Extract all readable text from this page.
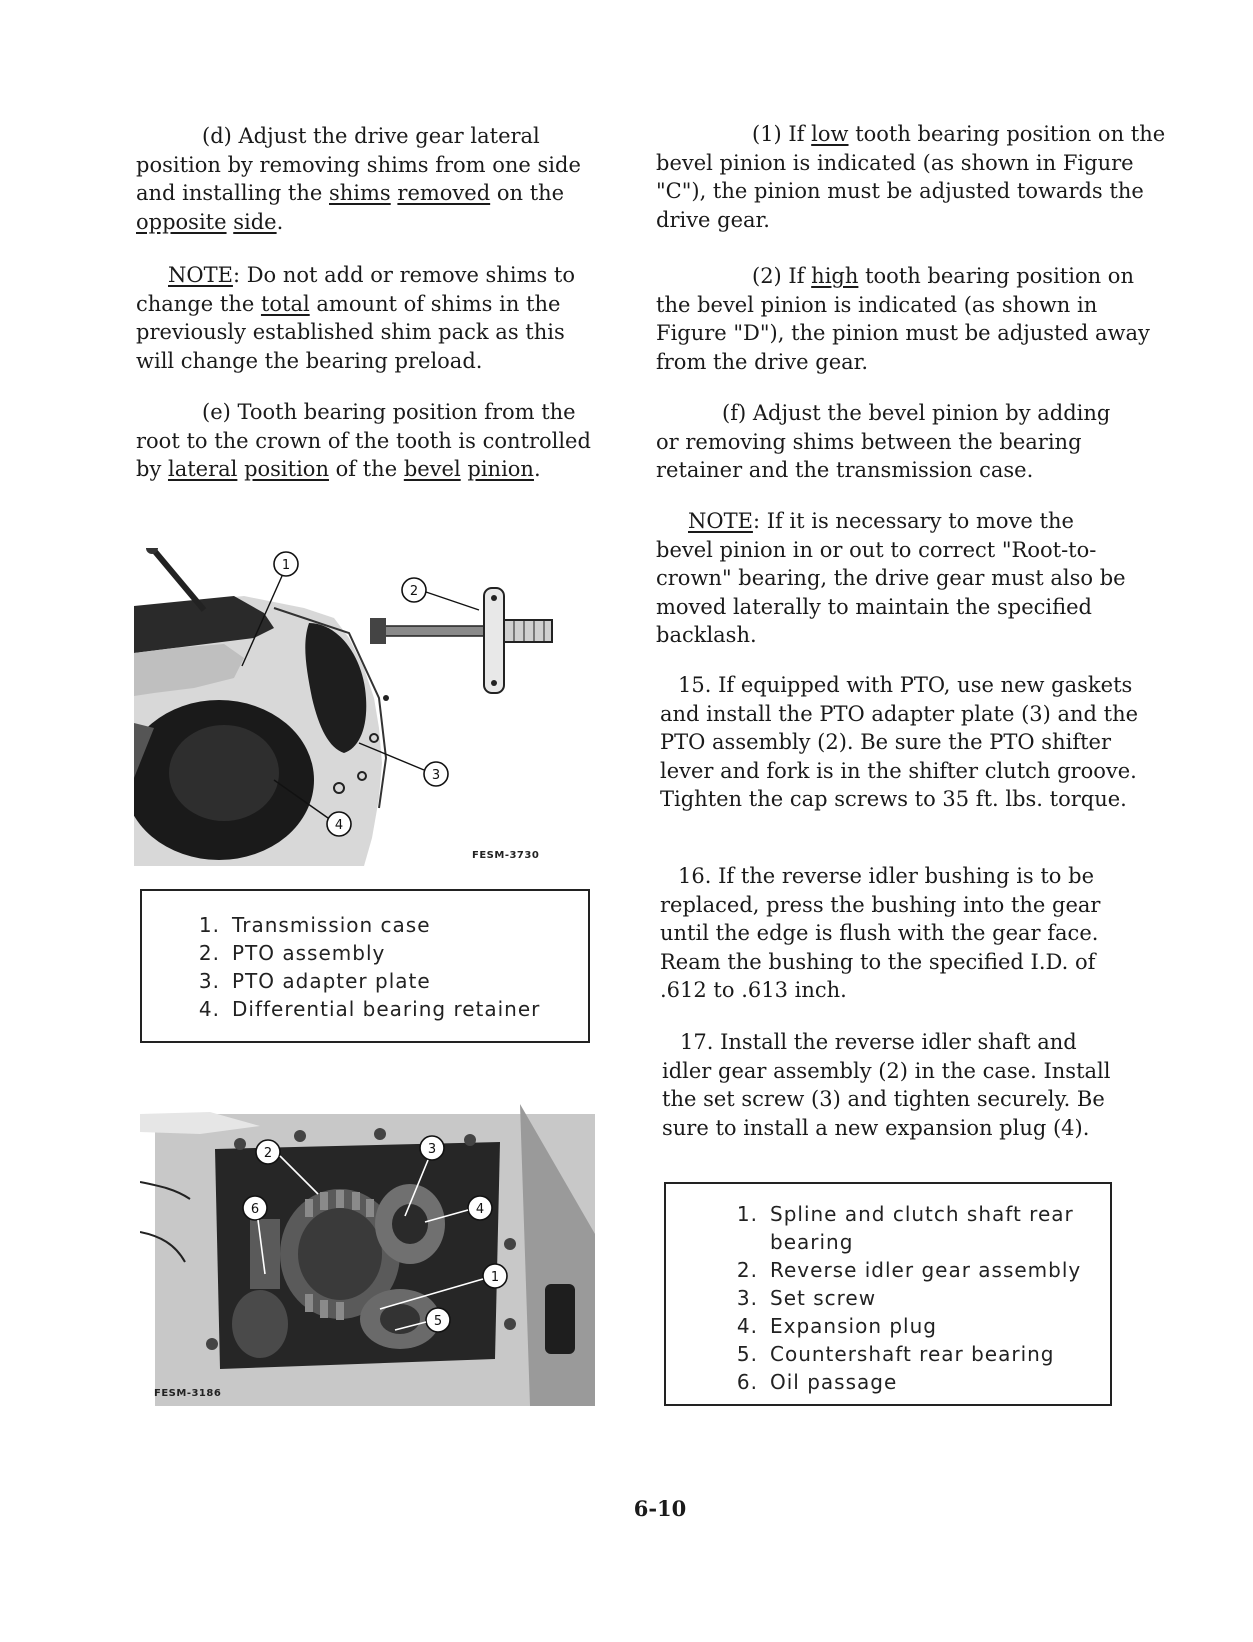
(d) Adjust the drive gear lateral position by removing shims from one side and installing the shims removed on the opposite side.

NOTE: Do not add or remove shims to change the total amount of shims in the previously established shim pack as this will change the bearing preload.

(e) Tooth bearing position from the root to the crown of the tooth is controlled by lateral position of the bevel pinion.

1
2
3
4
FESM-3730
1. Transmission case
2. PTO assembly
3. PTO adapter plate
4. Differential bearing retainer
2	3
4
6
1
5
FESM-3186

(1) If low tooth bearing position on the bevel pinion is indicated (as shown in Figure "C"), the pinion must be adjusted towards the drive gear.

(2) If high tooth bearing position on the bevel pinion is indicated (as shown in Figure "D"), the pinion must be adjusted away from the drive gear.

(f) Adjust the bevel pinion by adding or removing shims between the bearing retainer and the transmission case.

NOTE: If it is necessary to move the bevel pinion in or out to correct "Root-to-crown" bearing, the drive gear must also be moved laterally to maintain the specified backlash.

15. If equipped with PTO, use new gaskets and install the PTO adapter plate (3) and the PTO assembly (2). Be sure the PTO shifter lever and fork is in the shifter clutch groove. Tighten the cap screws to 35 ft. lbs. torque.

16. If the reverse idler bushing is to be replaced, press the bushing into the gear until the edge is flush with the gear face. Ream the bushing to the specified I.D. of .612 to .613 inch.

17. Install the reverse idler shaft and idler gear assembly (2) in the case. Install the set screw (3) and tighten securely. Be sure to install a new expansion plug (4).

1. Spline and clutch shaft rear bearing
2. Reverse idler gear assembly
3. Set screw
4. Expansion plug
5. Countershaft rear bearing
6. Oil passage
6-10
